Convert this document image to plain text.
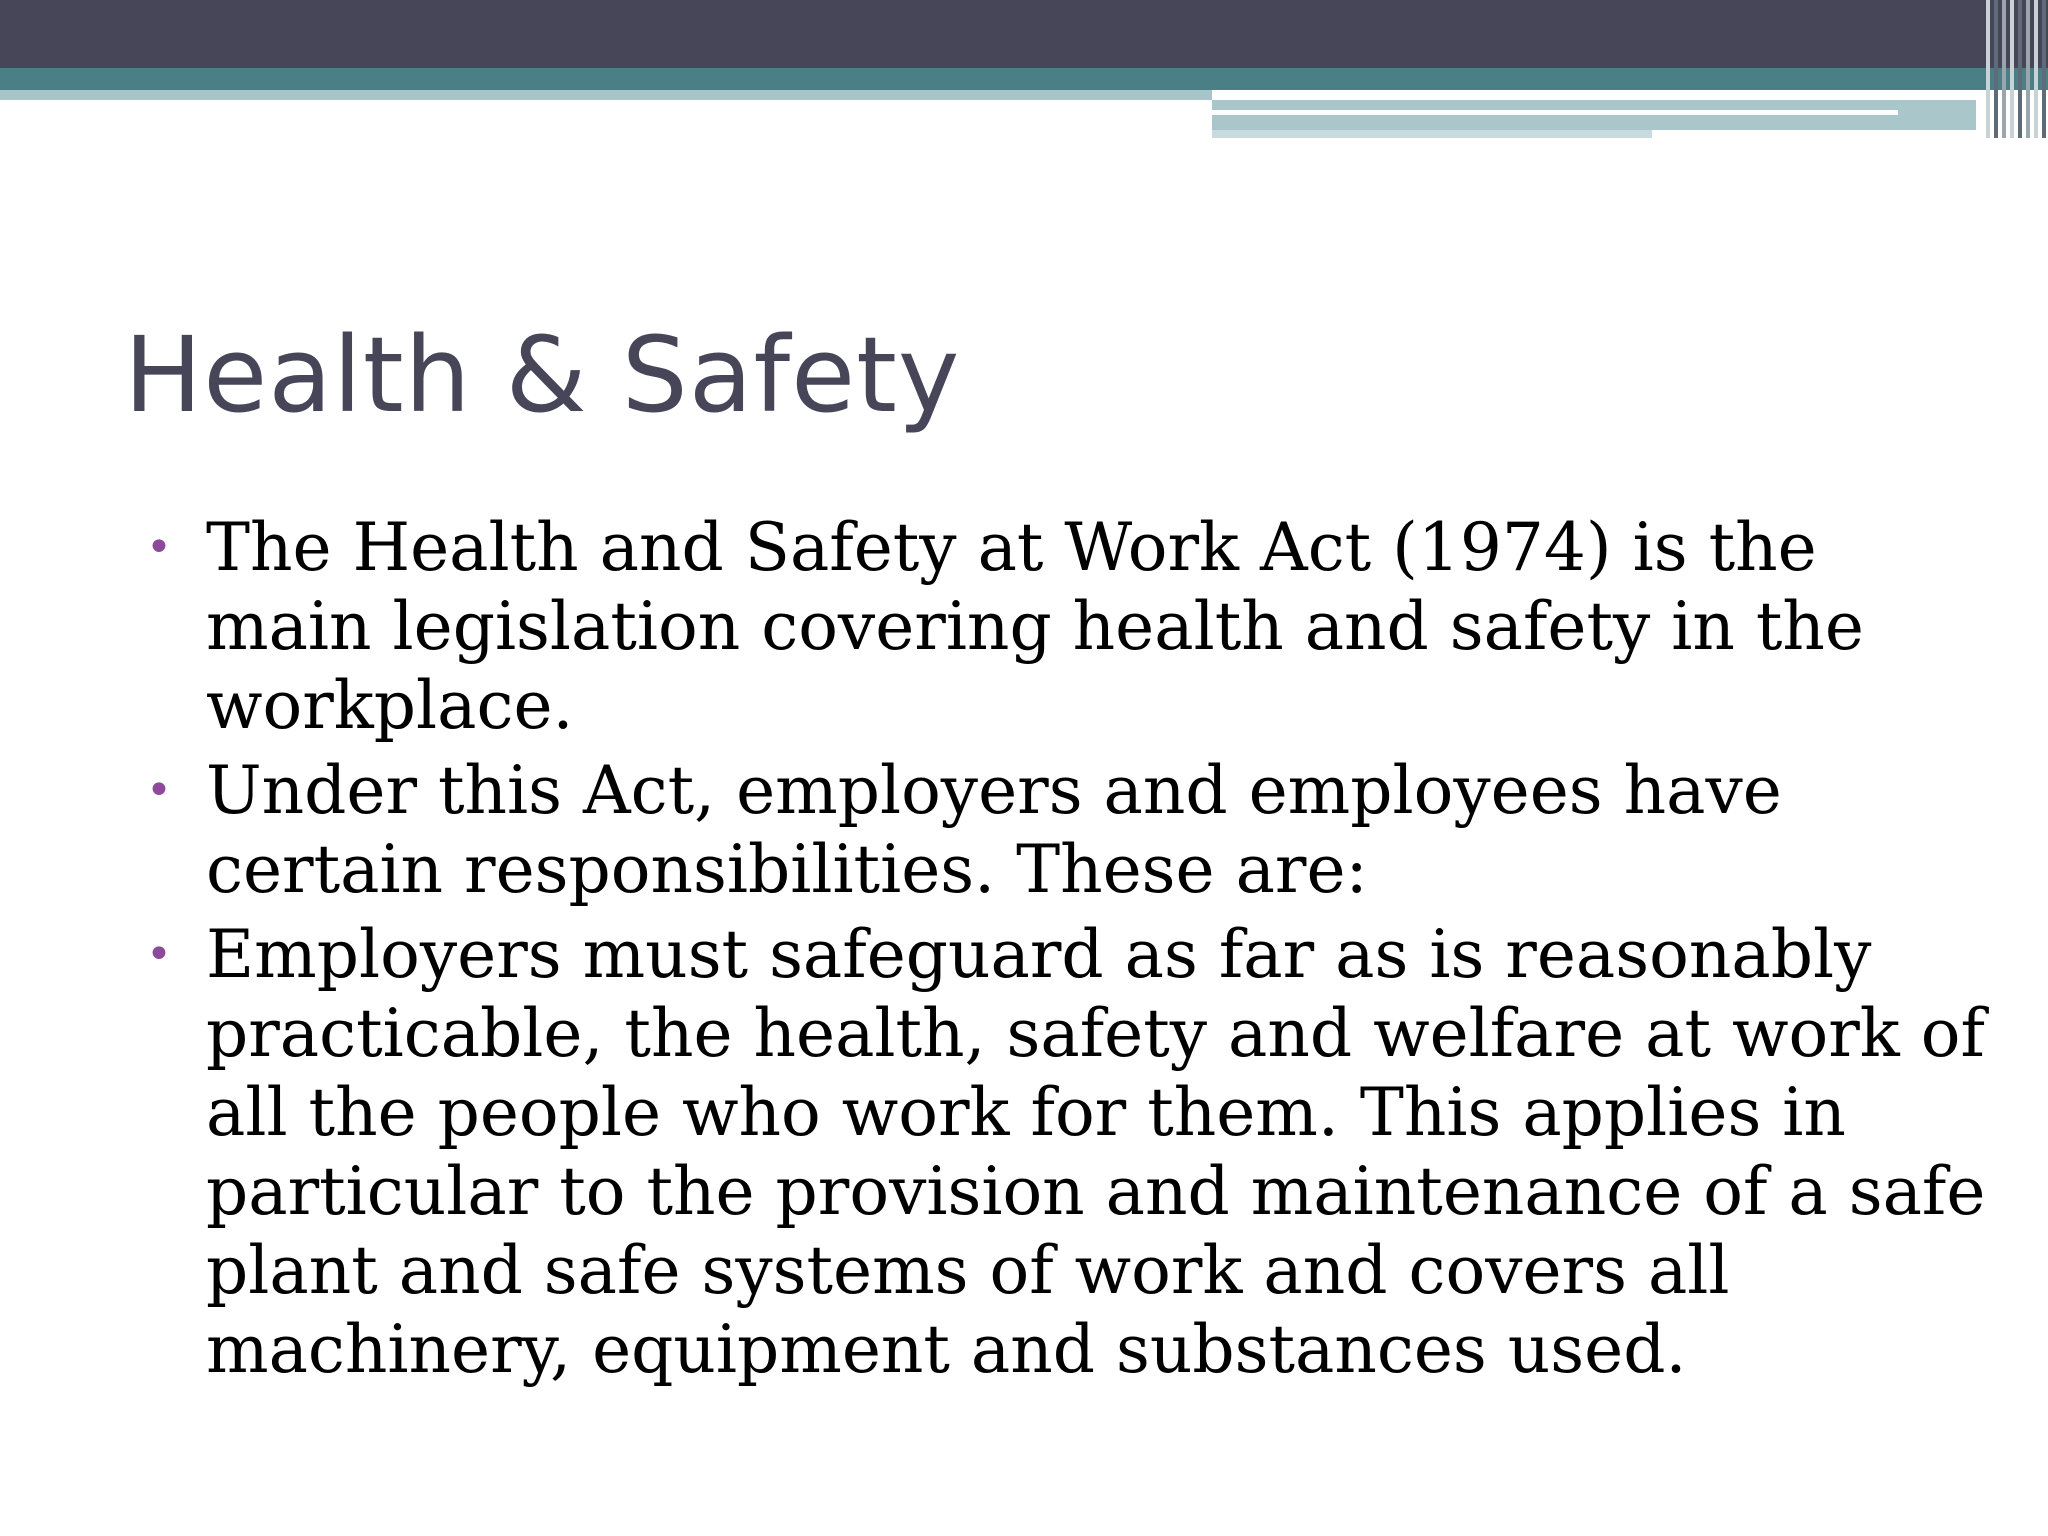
Health & Safety

• The Health and Safety at Work Act (1974) is the main legislation covering health and safety in the workplace.

• Under this Act, employers and employees have certain responsibilities. These are:

• Employers must safeguard as far as is reasonably practicable, the health, safety and welfare at work of all the people who work for them. This applies in particular to the provision and maintenance of a safe plant and safe systems of work and covers all machinery, equipment and substances used.
